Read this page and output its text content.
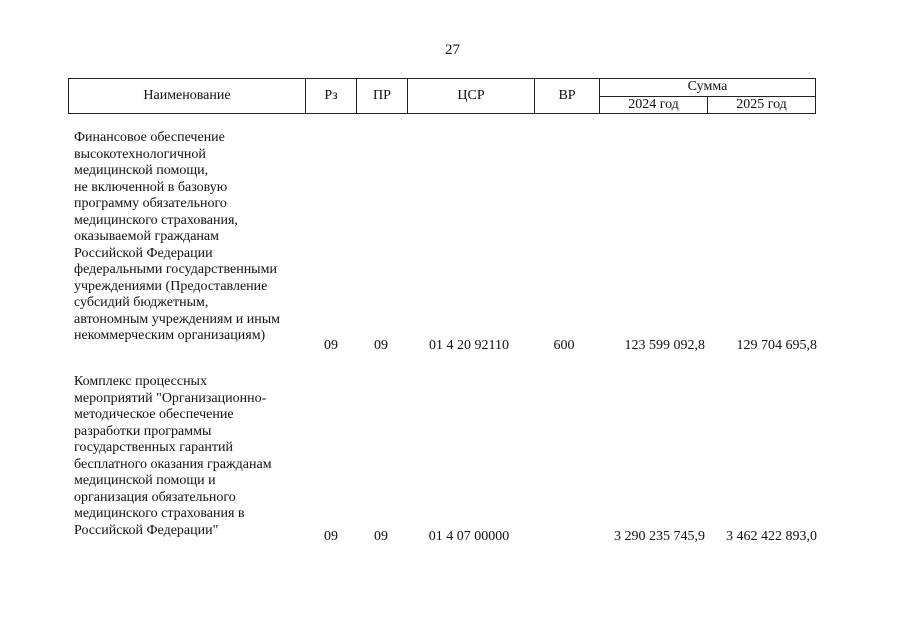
27
Наименование	Рз	ПР	ЦСР	ВР	Сумма	
					2024 год	2025 год
Финансовое обеспечение
высокотехнологичной
медицинской помощи,
не включенной в базовую
программу обязательного
медицинского страхования,
оказываемой гражданам
Российской Федерации
федеральными государственными
учреждениями (Предоставление
субсидий бюджетным,
автономным учреждениям и иным
некоммерческим организациям)
09	09	01 4 20 92110	600	123 599 092,8	129 704 695,8
Комплекс процессных
мероприятий "Организационно-
методическое обеспечение
разработки программы
государственных гарантий
бесплатного оказания гражданам
медицинской помощи и
организация обязательного
медицинского страхования в
Российской Федерации"	09	09	01 4 07 00000	3 290 235 745,9	3 462 422 893,0
